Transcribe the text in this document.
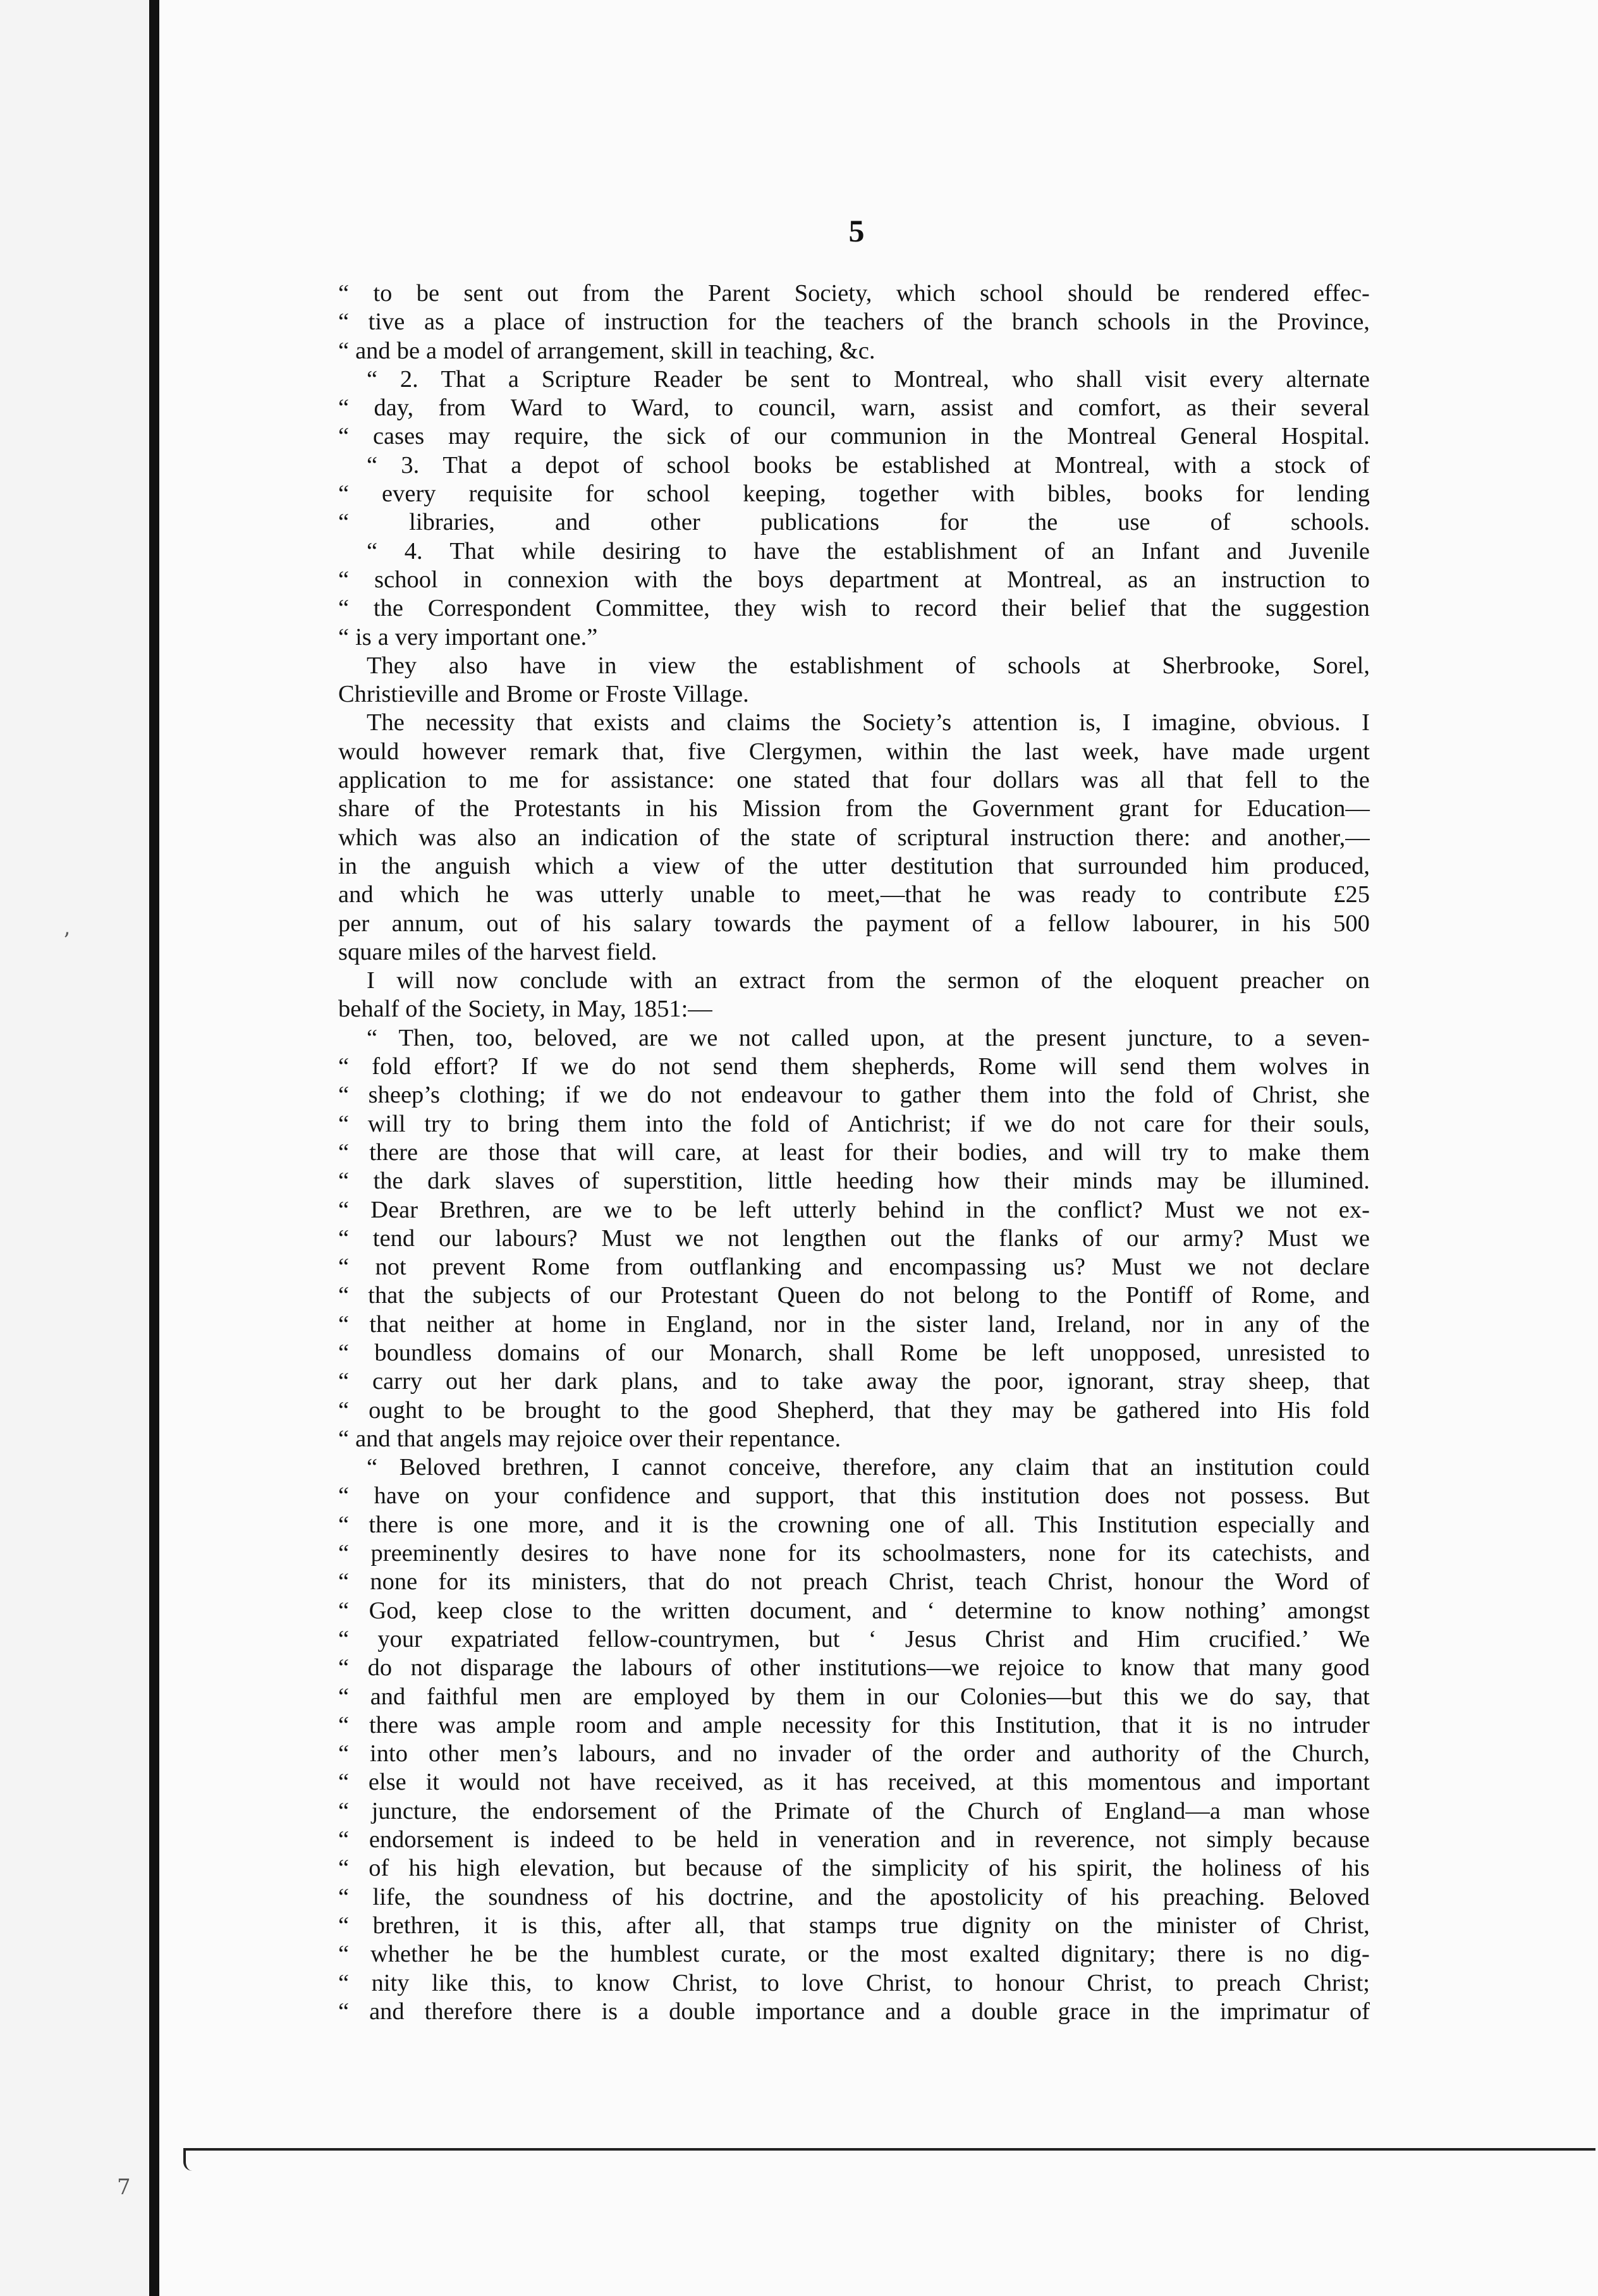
’
7
5
“ to be sent out from the Parent Society, which school should be rendered effec-
“ tive as a place of instruction for the teachers of the branch schools in the Province,
“ and be a model of arrangement, skill in teaching, &c.
“ 2. That a Scripture Reader be sent to Montreal, who shall visit every alternate
“ day, from Ward to Ward, to council, warn, assist and comfort, as their several
“ cases may require, the sick of our communion in the Montreal General Hospital.
“ 3. That a depot of school books be established at Montreal, with a stock of
“ every requisite for school keeping, together with bibles, books for lending
“ libraries, and other publications for the use of schools.
“ 4. That while desiring to have the establishment of an Infant and Juvenile
“ school in connexion with the boys department at Montreal, as an instruction to
“ the Correspondent Committee, they wish to record their belief that the suggestion
“ is a very important one.”
They also have in view the establishment of schools at Sherbrooke, Sorel,
Christieville and Brome or Froste Village.
The necessity that exists and claims the Society’s attention is, I imagine, obvious. I
would however remark that, five Clergymen, within the last week, have made urgent
application to me for assistance: one stated that four dollars was all that fell to the
share of the Protestants in his Mission from the Government grant for Education—
which was also an indication of the state of scriptural instruction there: and another,—
in the anguish which a view of the utter destitution that surrounded him produced,
and which he was utterly unable to meet,—that he was ready to contribute £25
per annum, out of his salary towards the payment of a fellow labourer, in his 500
square miles of the harvest field.
I will now conclude with an extract from the sermon of the eloquent preacher on
behalf of the Society, in May, 1851:—
“ Then, too, beloved, are we not called upon, at the present juncture, to a seven-
“ fold effort? If we do not send them shepherds, Rome will send them wolves in
“ sheep’s clothing; if we do not endeavour to gather them into the fold of Christ, she
“ will try to bring them into the fold of Antichrist; if we do not care for their souls,
“ there are those that will care, at least for their bodies, and will try to make them
“ the dark slaves of superstition, little heeding how their minds may be illumined.
“ Dear Brethren, are we to be left utterly behind in the conflict? Must we not ex-
“ tend our labours? Must we not lengthen out the flanks of our army? Must we
“ not prevent Rome from outflanking and encompassing us? Must we not declare
“ that the subjects of our Protestant Queen do not belong to the Pontiff of Rome, and
“ that neither at home in England, nor in the sister land, Ireland, nor in any of the
“ boundless domains of our Monarch, shall Rome be left unopposed, unresisted to
“ carry out her dark plans, and to take away the poor, ignorant, stray sheep, that
“ ought to be brought to the good Shepherd, that they may be gathered into His fold
“ and that angels may rejoice over their repentance.
“ Beloved brethren, I cannot conceive, therefore, any claim that an institution could
“ have on your confidence and support, that this institution does not possess. But
“ there is one more, and it is the crowning one of all. This Institution especially and
“ preeminently desires to have none for its schoolmasters, none for its catechists, and
“ none for its ministers, that do not preach Christ, teach Christ, honour the Word of
“ God, keep close to the written document, and ‘ determine to know nothing’ amongst
“ your expatriated fellow-countrymen, but ‘ Jesus Christ and Him crucified.’ We
“ do not disparage the labours of other institutions—we rejoice to know that many good
“ and faithful men are employed by them in our Colonies—but this we do say, that
“ there was ample room and ample necessity for this Institution, that it is no intruder
“ into other men’s labours, and no invader of the order and authority of the Church,
“ else it would not have received, as it has received, at this momentous and important
“ juncture, the endorsement of the Primate of the Church of England—a man whose
“ endorsement is indeed to be held in veneration and in reverence, not simply because
“ of his high elevation, but because of the simplicity of his spirit, the holiness of his
“ life, the soundness of his doctrine, and the apostolicity of his preaching. Beloved
“ brethren, it is this, after all, that stamps true dignity on the minister of Christ,
“ whether he be the humblest curate, or the most exalted dignitary; there is no dig-
“ nity like this, to know Christ, to love Christ, to honour Christ, to preach Christ;
“ and therefore there is a double importance and a double grace in the imprimatur of
